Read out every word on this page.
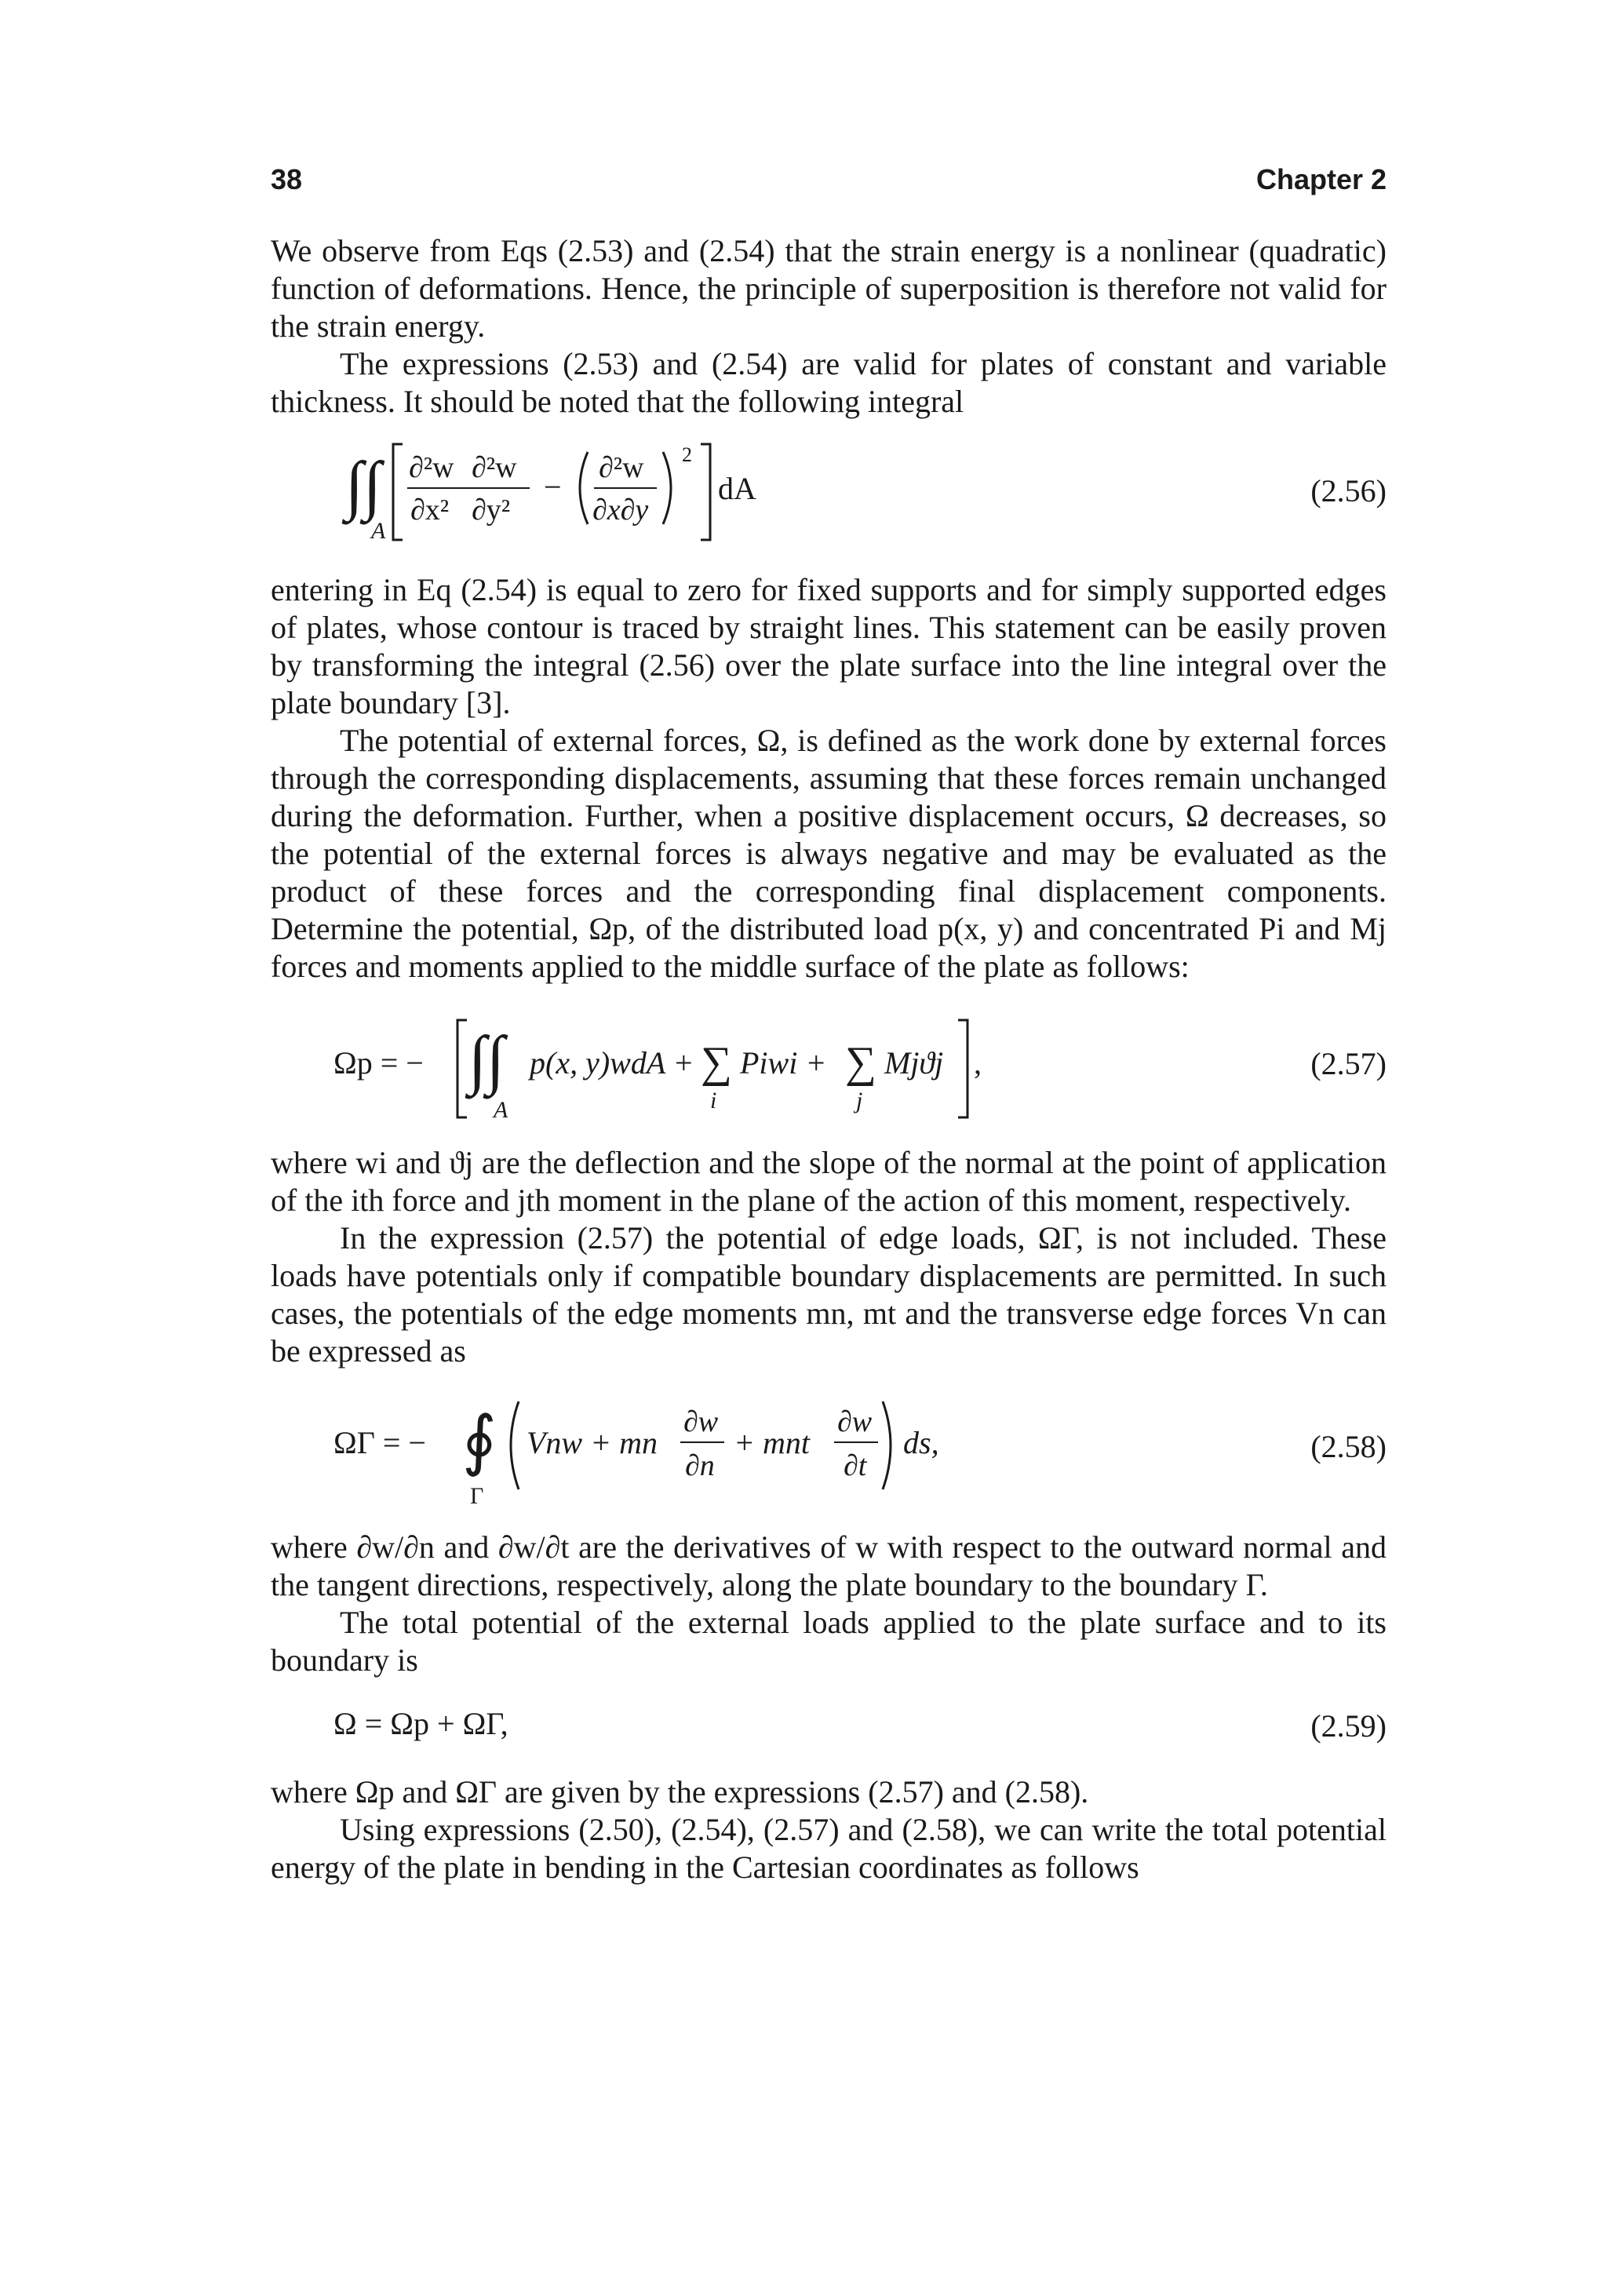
38	Chapter 2

We observe from Eqs (2.53) and (2.54) that the strain energy is a nonlinear (quadratic) function of deformations. Hence, the principle of superposition is therefore not valid for the strain energy.

The expressions (2.53) and (2.54) are valid for plates of constant and variable thickness. It should be noted that the following integral

∫∫
A
∂²w ∂²w
∂x² ∂y²
−
∂²w
∂x∂y
2
dA	(2.56)

entering in Eq (2.54) is equal to zero for fixed supports and for simply supported edges of plates, whose contour is traced by straight lines. This statement can be easily proven by transforming the integral (2.56) over the plate surface into the line integral over the plate boundary [3].

The potential of external forces, Ω, is defined as the work done by external forces through the corresponding displacements, assuming that these forces remain unchanged during the deformation. Further, when a positive displacement occurs, Ω decreases, so the potential of the external forces is always negative and may be evaluated as the product of these forces and the corresponding final displacement components. Determine the potential, Ωp, of the distributed load p(x, y) and concentrated Pi and Mj forces and moments applied to the middle surface of the plate as follows:

Ωp = − ∫∫
A
p(x, y)wdA + ∑
i
Piwi + ∑
j
Mjϑj ,	(2.57)

where wi and ϑj are the deflection and the slope of the normal at the point of application of the ith force and jth moment in the plane of the action of this moment, respectively.

In the expression (2.57) the potential of edge loads, ΩΓ, is not included. These loads have potentials only if compatible boundary displacements are permitted. In such cases, the potentials of the edge moments mn, mt and the transverse edge forces Vn can be expressed as

ΩΓ = − ∮
Γ
Vnw + mn
∂w
∂n
+ mnt
∂w
∂t
ds,	(2.58)

where ∂w/∂n and ∂w/∂t are the derivatives of w with respect to the outward normal and the tangent directions, respectively, along the plate boundary to the boundary Γ.

The total potential of the external loads applied to the plate surface and to its boundary is

Ω = Ωp + ΩΓ,	(2.59)

where Ωp and ΩΓ are given by the expressions (2.57) and (2.58).

Using expressions (2.50), (2.54), (2.57) and (2.58), we can write the total potential energy of the plate in bending in the Cartesian coordinates as follows
